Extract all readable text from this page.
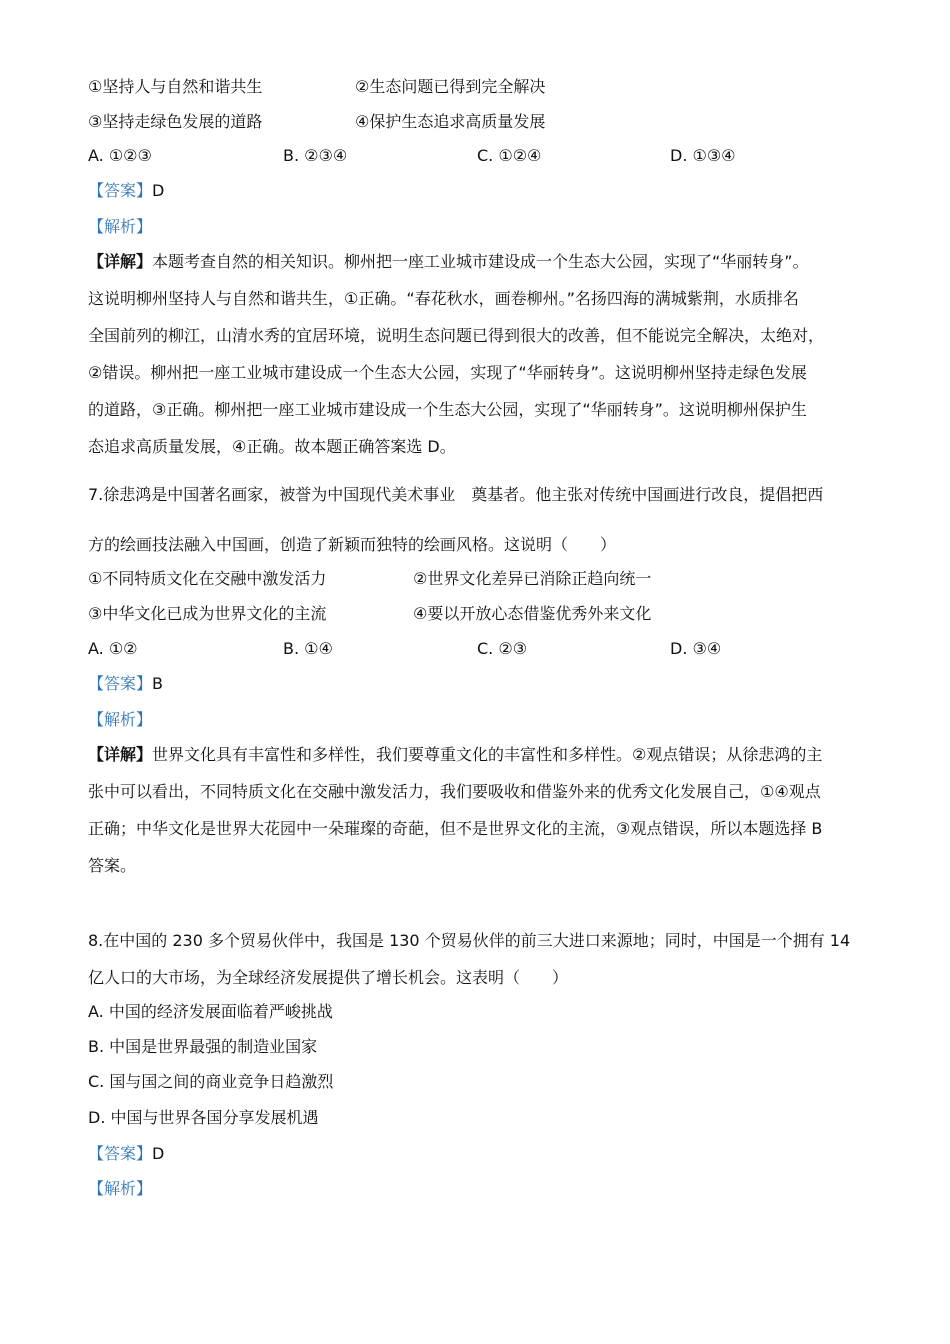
①坚持人与自然和谐共生	②生态问题已得到完全解决
③坚持走绿色发展的道路	④保护生态追求高质量发展
A. ①②③	B. ②③④	C. ①②④	D. ①③④
【答案】D
【解析】
【详解】本题考查自然的相关知识。柳州把一座工业城市建设成一个生态大公园，实现了“华丽转身”。
这说明柳州坚持人与自然和谐共生，①正确。“春花秋水，画卷柳州。”名扬四海的满城紫荆，水质排名
全国前列的柳江，山清水秀的宜居环境，说明生态问题已得到很大的改善，但不能说完全解决，太绝对，
②错误。柳州把一座工业城市建设成一个生态大公园，实现了“华丽转身”。这说明柳州坚持走绿色发展
的道路，③正确。柳州把一座工业城市建设成一个生态大公园，实现了“华丽转身”。这说明柳州保护生
态追求高质量发展，④正确。故本题正确答案选 D。
7.徐悲鸿是中国著名画家，被誉为中国现代美术事业　奠基者。他主张对传统中国画进行改良，提倡把西
方的绘画技法融入中国画，创造了新颖而独特的绘画风格。这说明（　　）
①不同特质文化在交融中激发活力	②世界文化差异已消除正趋向统一
③中华文化已成为世界文化的主流	④要以开放心态借鉴优秀外来文化
A. ①②	B. ①④	C. ②③	D. ③④
【答案】B
【解析】
【详解】世界文化具有丰富性和多样性，我们要尊重文化的丰富性和多样性。②观点错误；从徐悲鸿的主
张中可以看出，不同特质文化在交融中激发活力，我们要吸收和借鉴外来的优秀文化发展自己，①④观点
正确；中华文化是世界大花园中一朵璀璨的奇葩，但不是世界文化的主流，③观点错误，所以本题选择 B
答案。
8.在中国的 230 多个贸易伙伴中，我国是 130 个贸易伙伴的前三大进口来源地；同时，中国是一个拥有 14
亿人口的大市场，为全球经济发展提供了增长机会。这表明（　　）
A. 中国的经济发展面临着严峻挑战
B. 中国是世界最强的制造业国家
C. 国与国之间的商业竞争日趋激烈
D. 中国与世界各国分享发展机遇
【答案】D
【解析】
